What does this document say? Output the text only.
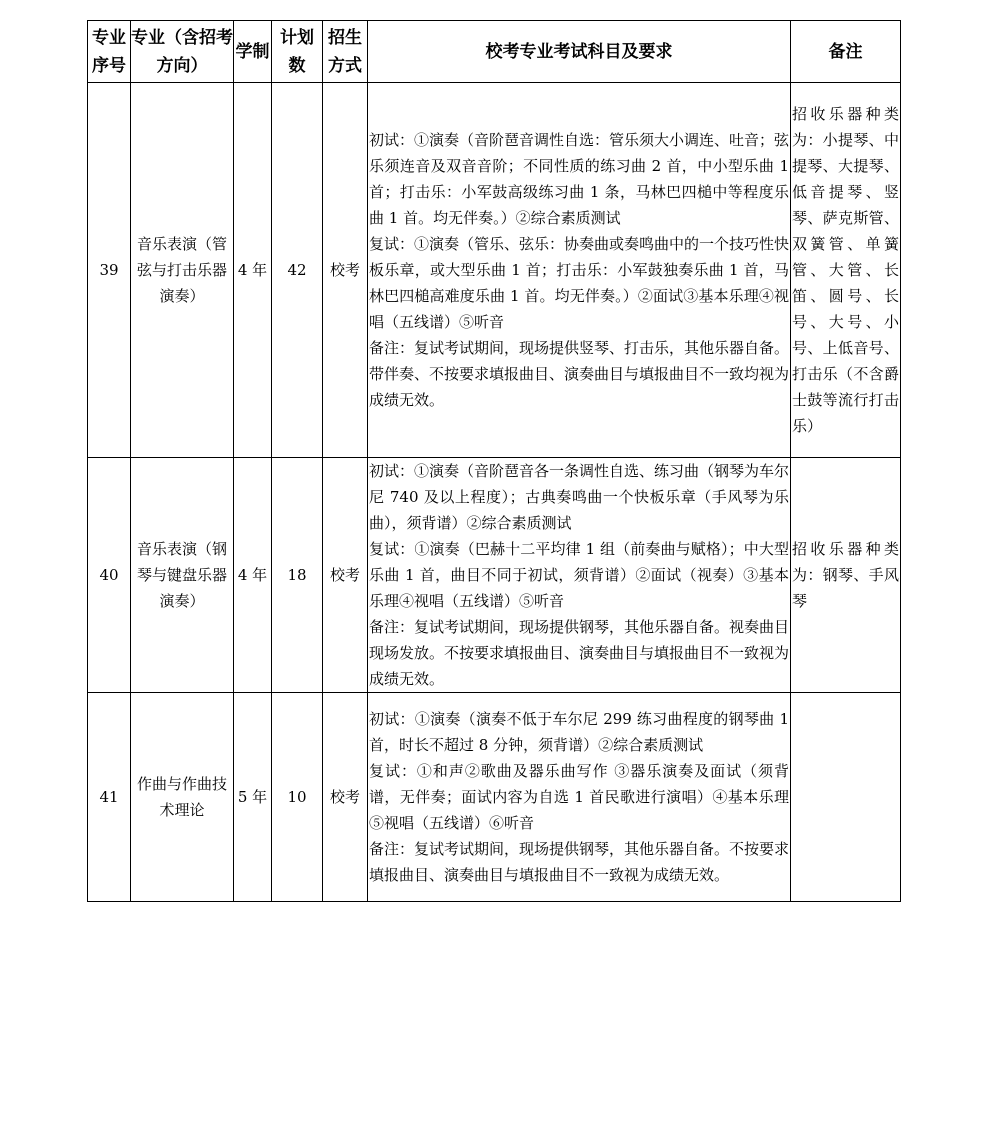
专业序号	专业（含招考方向）	学制	计划数	招生方式	校考专业考试科目及要求	备注
39	音乐表演（管弦与打击乐器演奏）	4 年	42	校考	初试：①演奏（音阶琶音调性自选：管乐须大小调连、吐音；弦乐须连音及双音音阶；不同性质的练习曲 2 首，中小型乐曲 1 首；打击乐：小军鼓高级练习曲 1 条，马林巴四槌中等程度乐曲 1 首。均无伴奏。）②综合素质测试
复试：①演奏（管乐、弦乐：协奏曲或奏鸣曲中的一个技巧性快板乐章，或大型乐曲 1 首；打击乐：小军鼓独奏乐曲 1 首，马林巴四槌高难度乐曲 1 首。均无伴奏。）②面试③基本乐理④视唱（五线谱）⑤听音
备注：复试考试期间，现场提供竖琴、打击乐，其他乐器自备。带伴奏、不按要求填报曲目、演奏曲目与填报曲目不一致均视为成绩无效。	招收乐器种类为：小提琴、中提琴、大提琴、低音提琴、竖琴、萨克斯管、双簧管、单簧管、大管、长笛、圆号、长号、大号、小号、上低音号、打击乐（不含爵士鼓等流行打击乐）
40	音乐表演（钢琴与键盘乐器演奏）	4 年	18	校考	初试：①演奏（音阶琶音各一条调性自选、练习曲（钢琴为车尔尼 740 及以上程度）；古典奏鸣曲一个快板乐章（手风琴为乐曲），须背谱）②综合素质测试
复试：①演奏（巴赫十二平均律 1 组（前奏曲与赋格）；中大型乐曲 1 首，曲目不同于初试，须背谱）②面试（视奏）③基本乐理④视唱（五线谱）⑤听音
备注：复试考试期间，现场提供钢琴，其他乐器自备。视奏曲目现场发放。不按要求填报曲目、演奏曲目与填报曲目不一致视为成绩无效。	招收乐器种类为：钢琴、手风琴
41	作曲与作曲技术理论	5 年	10	校考	初试：①演奏（演奏不低于车尔尼 299 练习曲程度的钢琴曲 1 首，时长不超过 8 分钟，须背谱）②综合素质测试
复试：①和声②歌曲及器乐曲写作 ③器乐演奏及面试（须背谱，无伴奏；面试内容为自选 1 首民歌进行演唱）④基本乐理⑤视唱（五线谱）⑥听音
备注：复试考试期间，现场提供钢琴，其他乐器自备。不按要求填报曲目、演奏曲目与填报曲目不一致视为成绩无效。	
